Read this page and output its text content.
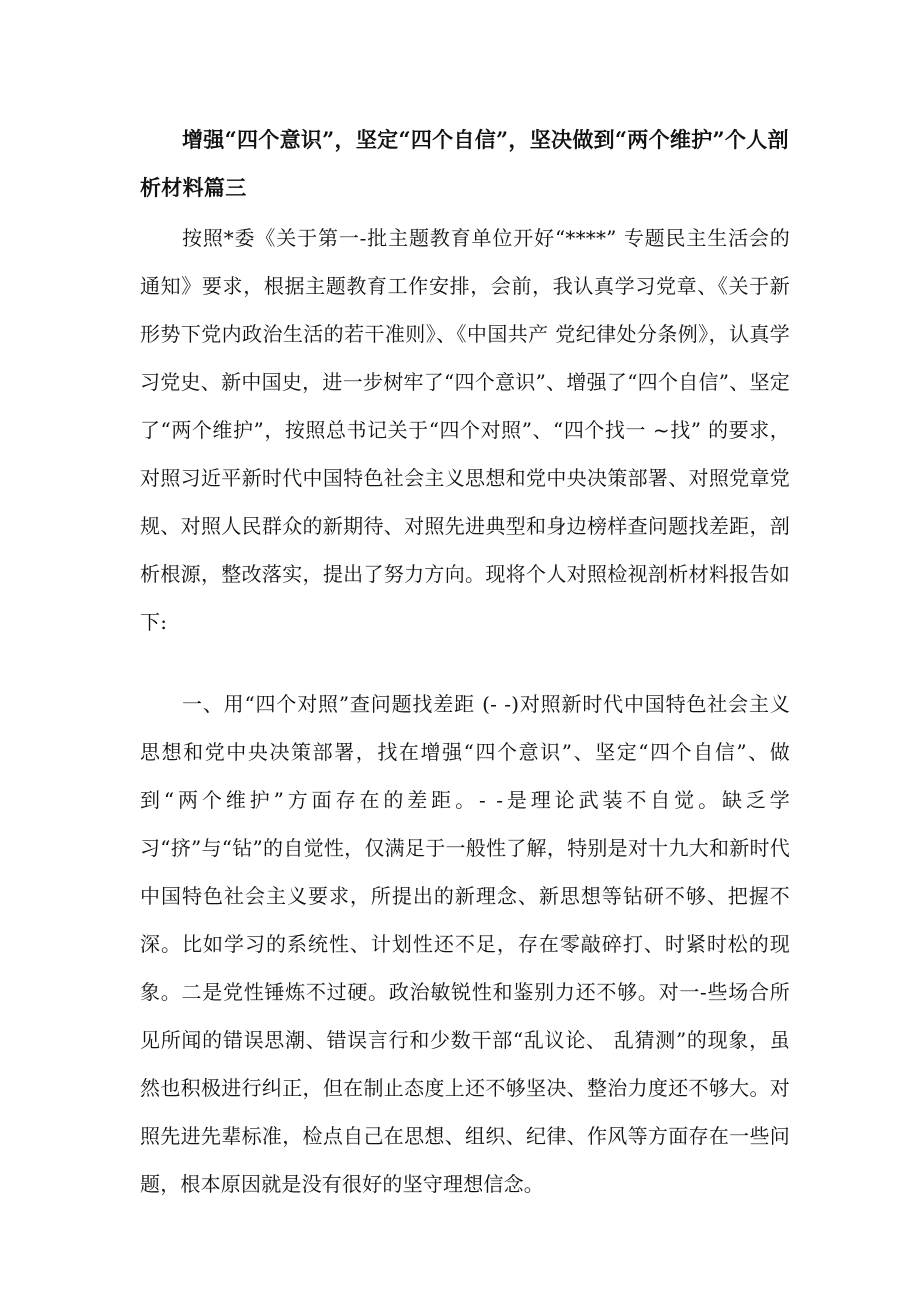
增强“四个意识”，坚定“四个自信”，坚决做到“两个维护”个人剖析材料篇三

按照*委《关于第一-批主题教育单位开好“****” 专题民主生活会的通知》要求，根据主题教育工作安排，会前，我认真学习党章、《关于新形势下党内政治生活的若干准则》、《中国共产 党纪律处分条例》，认真学习党史、新中国史，进一步树牢了“四个意识”、增强了“四个自信”、坚定了“两个维护”，按照总书记关于“四个对照”、“四个找一 ~找” 的要求，对照习近平新时代中国特色社会主义思想和党中央决策部署、对照党章党规、对照人民群众的新期待、对照先进典型和身边榜样查问题找差距，剖析根源，整改落实，提出了努力方向。现将个人对照检视剖析材料报告如下:

一、用“四个对照”查问题找差距 (- -)对照新时代中国特色社会主义思想和党中央决策部署，找在增强“四个意识”、坚定“四个自信”、做到“两个维护”方面存在的差距。- -是理论武装不自觉。缺乏学习“挤”与“钻”的自觉性，仅满足于一般性了解，特别是对十九大和新时代中国特色社会主义要求，所提出的新理念、新思想等钻研不够、把握不深。比如学习的系统性、计划性还不足，存在零敲碎打、时紧时松的现象。二是党性锤炼不过硬。政治敏锐性和鉴别力还不够。对一-些场合所见所闻的错误思潮、错误言行和少数干部“乱议论、 乱猜测”的现象，虽然也积极进行纠正，但在制止态度上还不够坚决、整治力度还不够大。对照先进先辈标准，检点自己在思想、组织、纪律、作风等方面存在一些问题，根本原因就是没有很好的坚守理想信念。
